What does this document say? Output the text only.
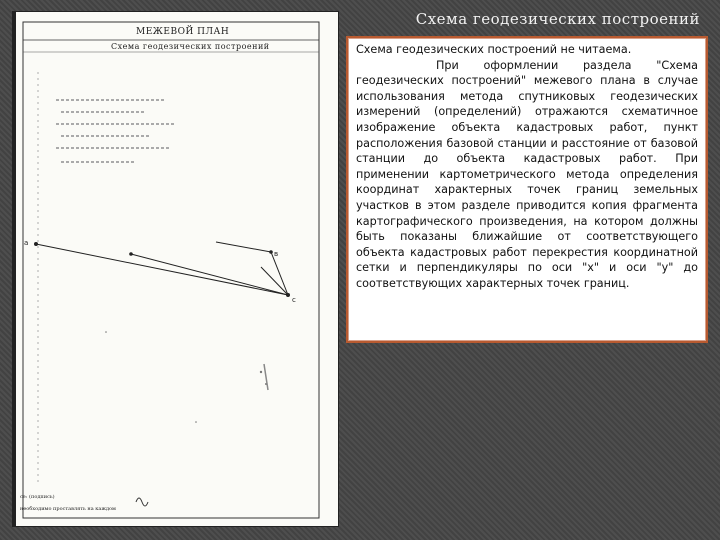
Схема геодезических построений
МЕЖЕВОЙ ПЛАН
Схема геодезических построений
а
в
с
се: (подпись)
необходимо проставлять на каждом

Схема геодезических построений не читаема.

При оформлении раздела "Схема геодезических построений" межевого плана в случае использования метода спутниковых геодезических измерений (определений) отражаются схематичное изображение объекта кадастровых работ, пункт расположения базовой станции и расстояние от базовой станции до объекта кадастровых работ. При применении картометрического метода определения координат характерных точек границ земельных участков в этом разделе приводится копия фрагмента картографического произведения, на котором должны быть показаны ближайшие от соответствующего объекта кадастровых работ перекрестия координатной сетки и перпендикуляры по оси "х" и оси "у" до соответствующих характерных точек границ.
